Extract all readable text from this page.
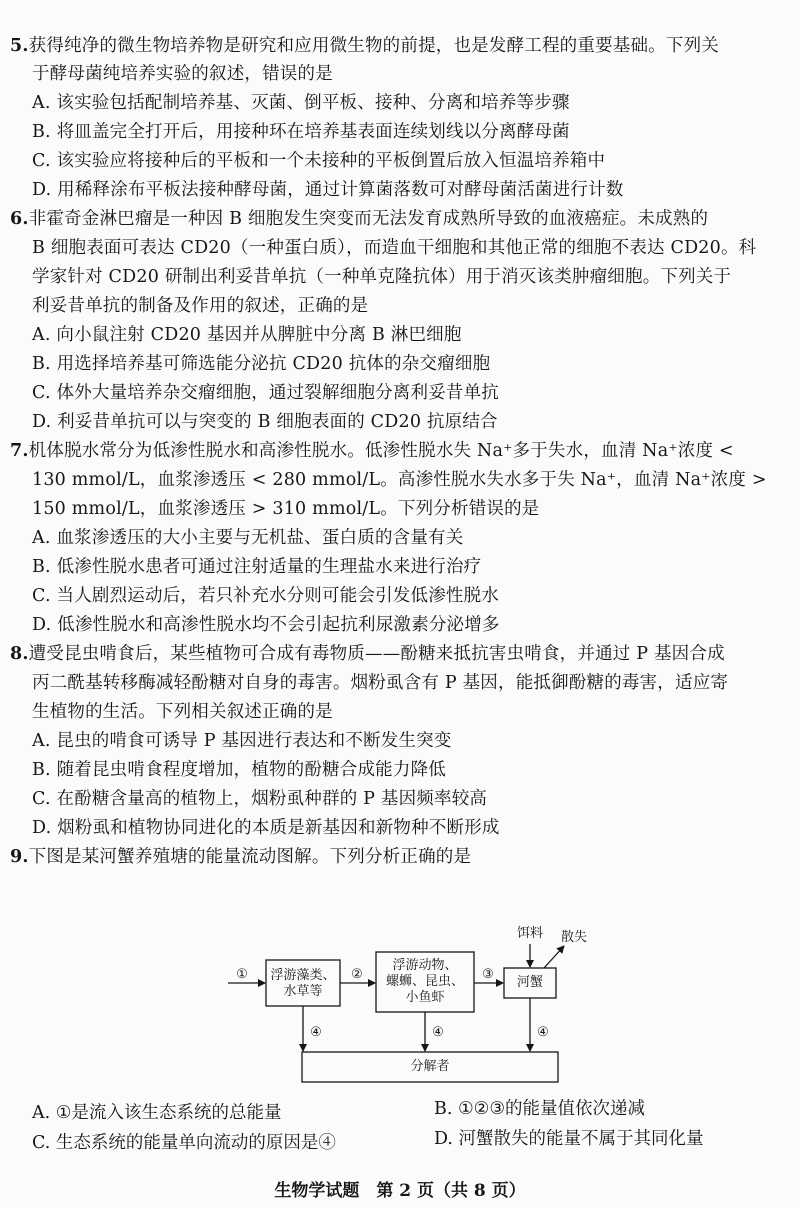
5.获得纯净的微生物培养物是研究和应用微生物的前提，也是发酵工程的重要基础。下列关
于酵母菌纯培养实验的叙述，错误的是
A. 该实验包括配制培养基、灭菌、倒平板、接种、分离和培养等步骤
B. 将皿盖完全打开后，用接种环在培养基表面连续划线以分离酵母菌
C. 该实验应将接种后的平板和一个未接种的平板倒置后放入恒温培养箱中
D. 用稀释涂布平板法接种酵母菌，通过计算菌落数可对酵母菌活菌进行计数
6.非霍奇金淋巴瘤是一种因 B 细胞发生突变而无法发育成熟所导致的血液癌症。未成熟的
B 细胞表面可表达 CD20（一种蛋白质），而造血干细胞和其他正常的细胞不表达 CD20。科
学家针对 CD20 研制出利妥昔单抗（一种单克隆抗体）用于消灭该类肿瘤细胞。下列关于
利妥昔单抗的制备及作用的叙述，正确的是
A. 向小鼠注射 CD20 基因并从脾脏中分离 B 淋巴细胞
B. 用选择培养基可筛选能分泌抗 CD20 抗体的杂交瘤细胞
C. 体外大量培养杂交瘤细胞，通过裂解细胞分离利妥昔单抗
D. 利妥昔单抗可以与突变的 B 细胞表面的 CD20 抗原结合
7.机体脱水常分为低渗性脱水和高渗性脱水。低渗性脱水失 Na⁺多于失水，血清 Na⁺浓度 <
130 mmol/L，血浆渗透压 < 280 mmol/L。高渗性脱水失水多于失 Na⁺，血清 Na⁺浓度 >
150 mmol/L，血浆渗透压 > 310 mmol/L。下列分析错误的是
A. 血浆渗透压的大小主要与无机盐、蛋白质的含量有关
B. 低渗性脱水患者可通过注射适量的生理盐水来进行治疗
C. 当人剧烈运动后，若只补充水分则可能会引发低渗性脱水
D. 低渗性脱水和高渗性脱水均不会引起抗利尿激素分泌增多
8.遭受昆虫啃食后，某些植物可合成有毒物质——酚糖来抵抗害虫啃食，并通过 P 基因合成
丙二酰基转移酶减轻酚糖对自身的毒害。烟粉虱含有 P 基因，能抵御酚糖的毒害，适应寄
生植物的生活。下列相关叙述正确的是
A. 昆虫的啃食可诱导 P 基因进行表达和不断发生突变
B. 随着昆虫啃食程度增加，植物的酚糖合成能力降低
C. 在酚糖含量高的植物上，烟粉虱种群的 P 基因频率较高
D. 烟粉虱和植物协同进化的本质是新基因和新物种不断形成
9.下图是某河蟹养殖塘的能量流动图解。下列分析正确的是
浮游藻类、
水草等
浮游动物、
螺蛳、昆虫、
小鱼虾
河蟹
分解者
饵料	散失
①	②	③
④	④	④
A. ①是流入该生态系统的总能量	B. ①②③的能量值依次递减
C. 生态系统的能量单向流动的原因是④	D. 河蟹散失的能量不属于其同化量
生物学试题　第 2 页（共 8 页）
